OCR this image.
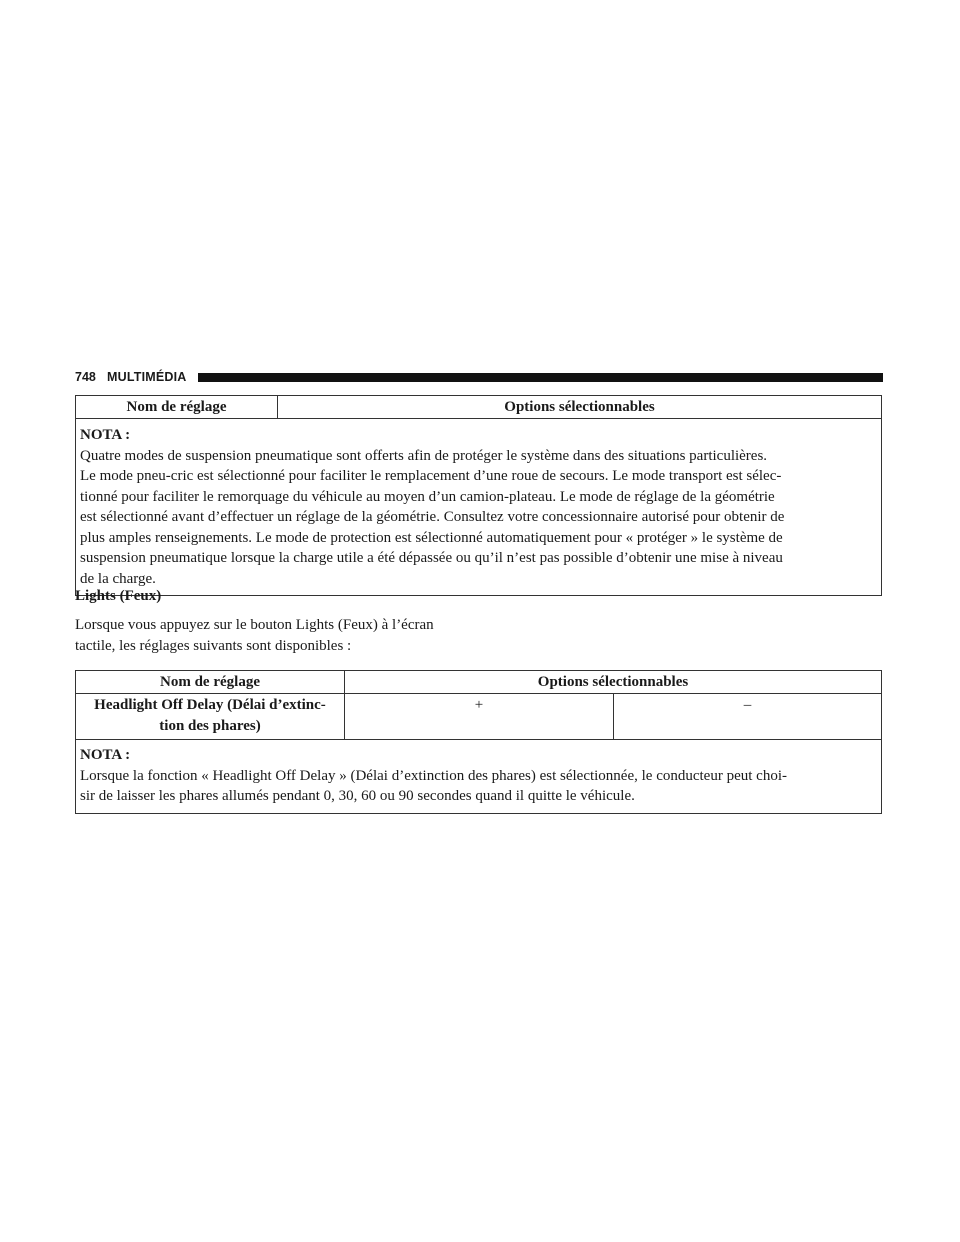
748 MULTIMÉDIA
Nom de réglage	Options sélectionnables

NOTA :
Quatre modes de suspension pneumatique sont offerts afin de protéger le système dans des situations particulières.
Le mode pneu-cric est sélectionné pour faciliter le remplacement d’une roue de secours. Le mode transport est sélec-
tionné pour faciliter le remorquage du véhicule au moyen d’un camion-plateau. Le mode de réglage de la géométrie
est sélectionné avant d’effectuer un réglage de la géométrie. Consultez votre concessionnaire autorisé pour obtenir de
plus amples renseignements. Le mode de protection est sélectionné automatiquement pour « protéger » le système de
suspension pneumatique lorsque la charge utile a été dépassée ou qu’il n’est pas possible d’obtenir une mise à niveau
de la charge.
Lights (Feux)
Lorsque vous appuyez sur le bouton Lights (Feux) à l’écran
tactile, les réglages suivants sont disponibles :
Nom de réglage	Options sélectionnables	

Headlight Off Delay (Délai d’extinc-
tion des phares)	+	–

NOTA :
Lorsque la fonction « Headlight Off Delay » (Délai d’extinction des phares) est sélectionnée, le conducteur peut choi-
sir de laisser les phares allumés pendant 0, 30, 60 ou 90 secondes quand il quitte le véhicule.		
